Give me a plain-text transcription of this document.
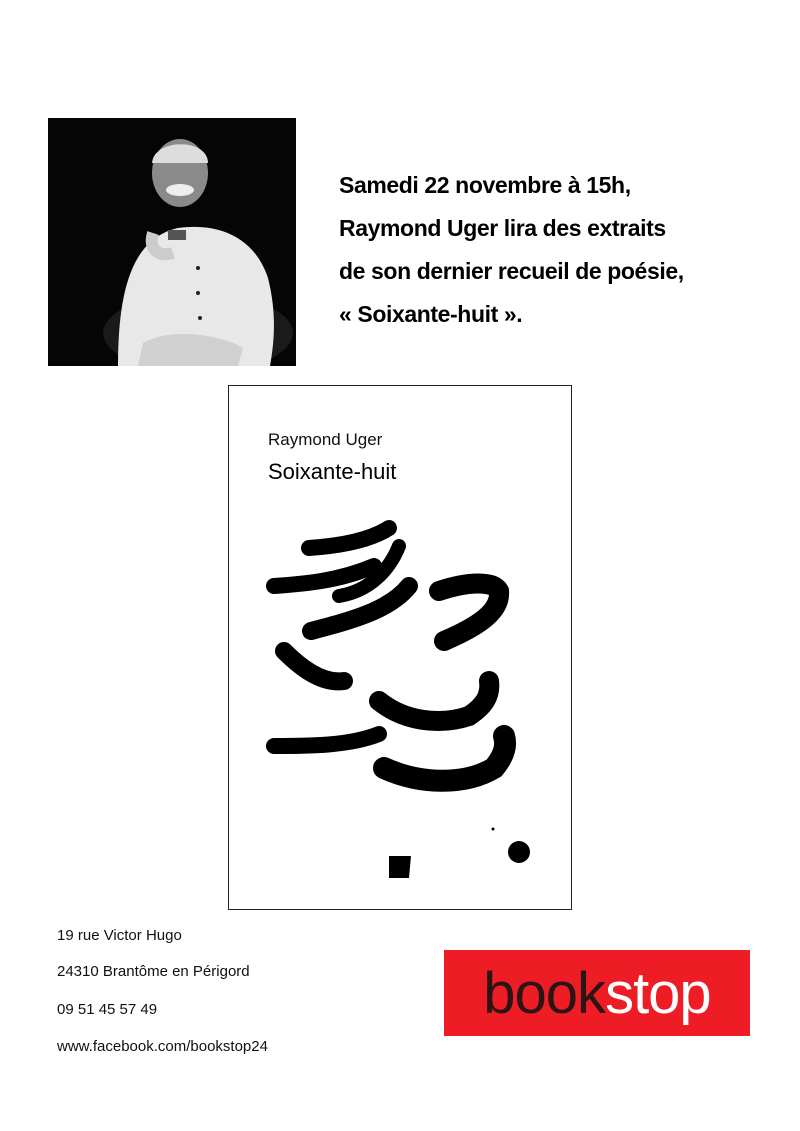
Samedi 22 novembre à 15h,
Raymond Uger lira des extraits
de son dernier recueil de poésie,
« Soixante-huit ».
Raymond Uger
Soixante-huit
19 rue Victor Hugo
24310 Brantôme en Périgord
09 51 45 57 49
www.facebook.com/bookstop24
book stop
